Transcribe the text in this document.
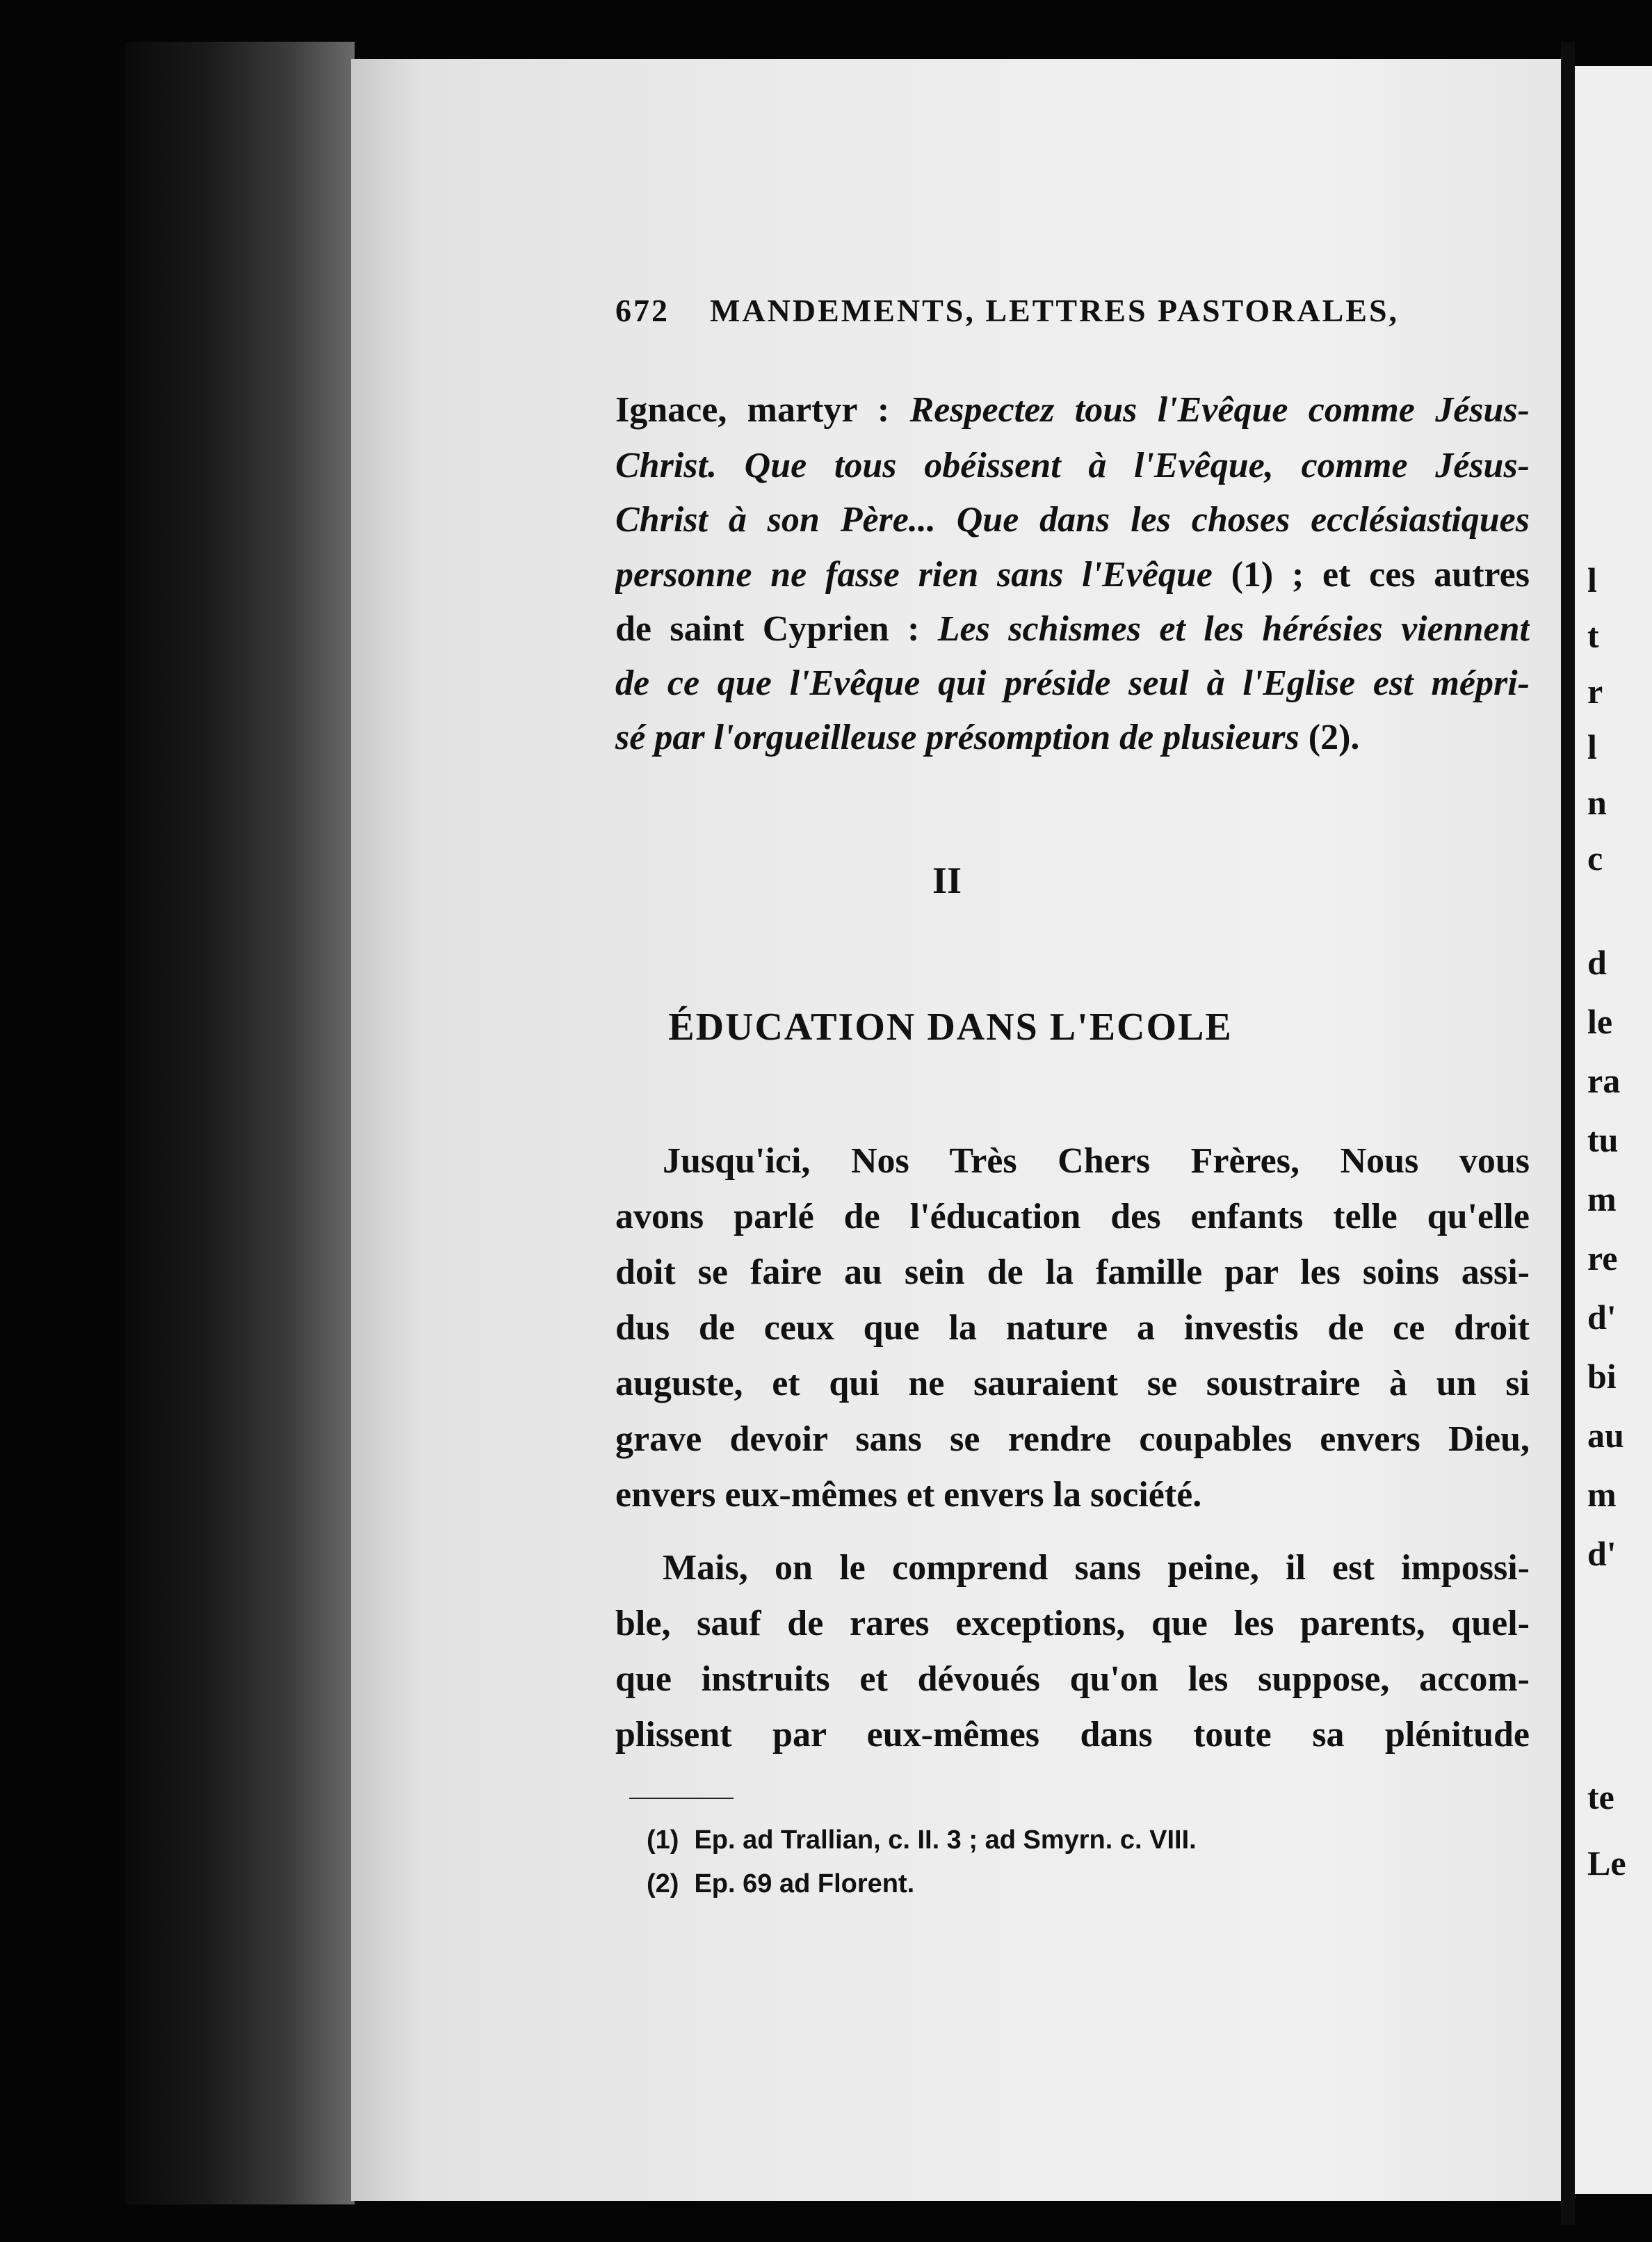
672 MANDEMENTS, LETTRES PASTORALES,
Ignace, martyr : Respectez tous l'Evêque comme Jésus-
Christ. Que tous obéissent à l'Evêque, comme Jésus-
Christ à son Père... Que dans les choses ecclésiastiques
personne ne fasse rien sans l'Evêque (1) ; et ces autres
de saint Cyprien : Les schismes et les hérésies viennent
de ce que l'Evêque qui préside seul à l'Eglise est mépri-
sé par l'orgueilleuse présomption de plusieurs (2).
II
ÉDUCATION DANS L'ECOLE
Jusqu'ici, Nos Très Chers Frères, Nous vous
avons parlé de l'éducation des enfants telle qu'elle
doit se faire au sein de la famille par les soins assi-
dus de ceux que la nature a investis de ce droit
auguste, et qui ne sauraient se soustraire à un si
grave devoir sans se rendre coupables envers Dieu,
envers eux-mêmes et envers la société.
Mais, on le comprend sans peine, il est impossi-
ble, sauf de rares exceptions, que les parents, quel-
que instruits et dévoués qu'on les suppose, accom-
plissent par eux-mêmes dans toute sa plénitude
(1) Ep. ad Trallian, c. II. 3 ; ad Smyrn. c. VIII.
(2) Ep. 69 ad Florent.
l
t
r
l
n
c
d
le
ra
tu
m
re
d'
bi
au
m
d'
te
Le
